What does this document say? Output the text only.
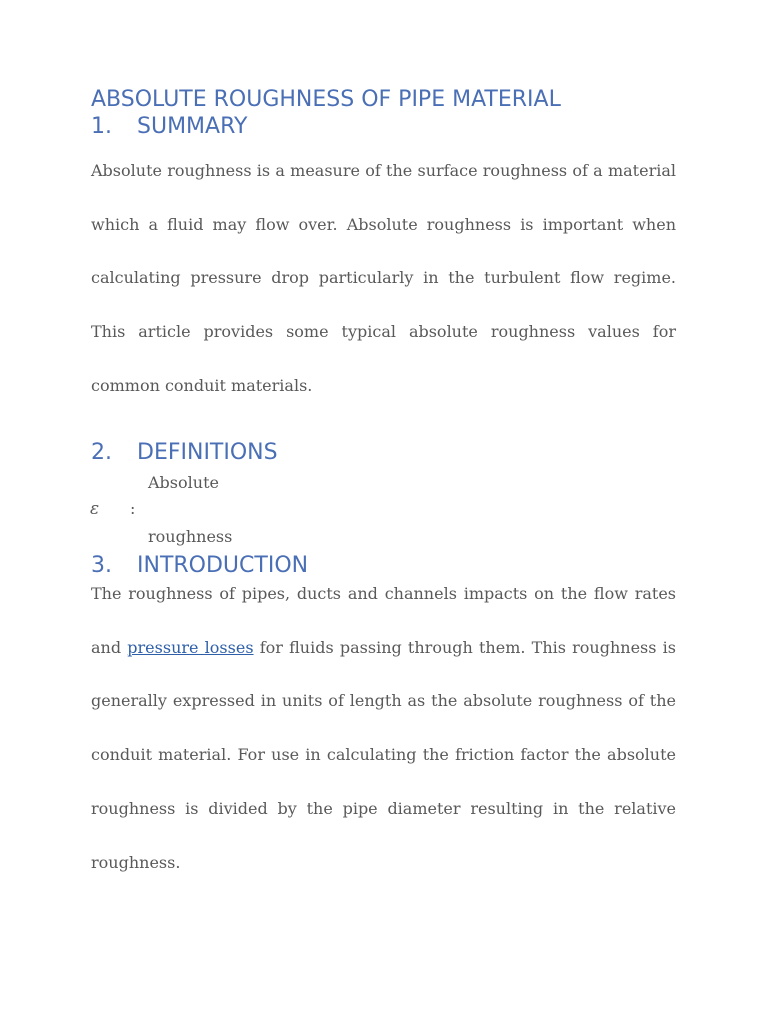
ABSOLUTE ROUGHNESS OF PIPE MATERIAL
1. SUMMARY

Absolute roughness is a measure of the surface roughness of a material which a fluid may flow over. Absolute roughness is important when calculating pressure drop particularly in the turbulent flow regime. This article provides some typical absolute roughness values for common conduit materials.

2. DEFINITIONS
Absolute
ε :
roughness
3. INTRODUCTION

The roughness of pipes, ducts and channels impacts on the flow rates and pressure losses for fluids passing through them. This roughness is generally expressed in units of length as the absolute roughness of the conduit material. For use in calculating the friction factor the absolute roughness is divided by the pipe diameter resulting in the relative roughness.
